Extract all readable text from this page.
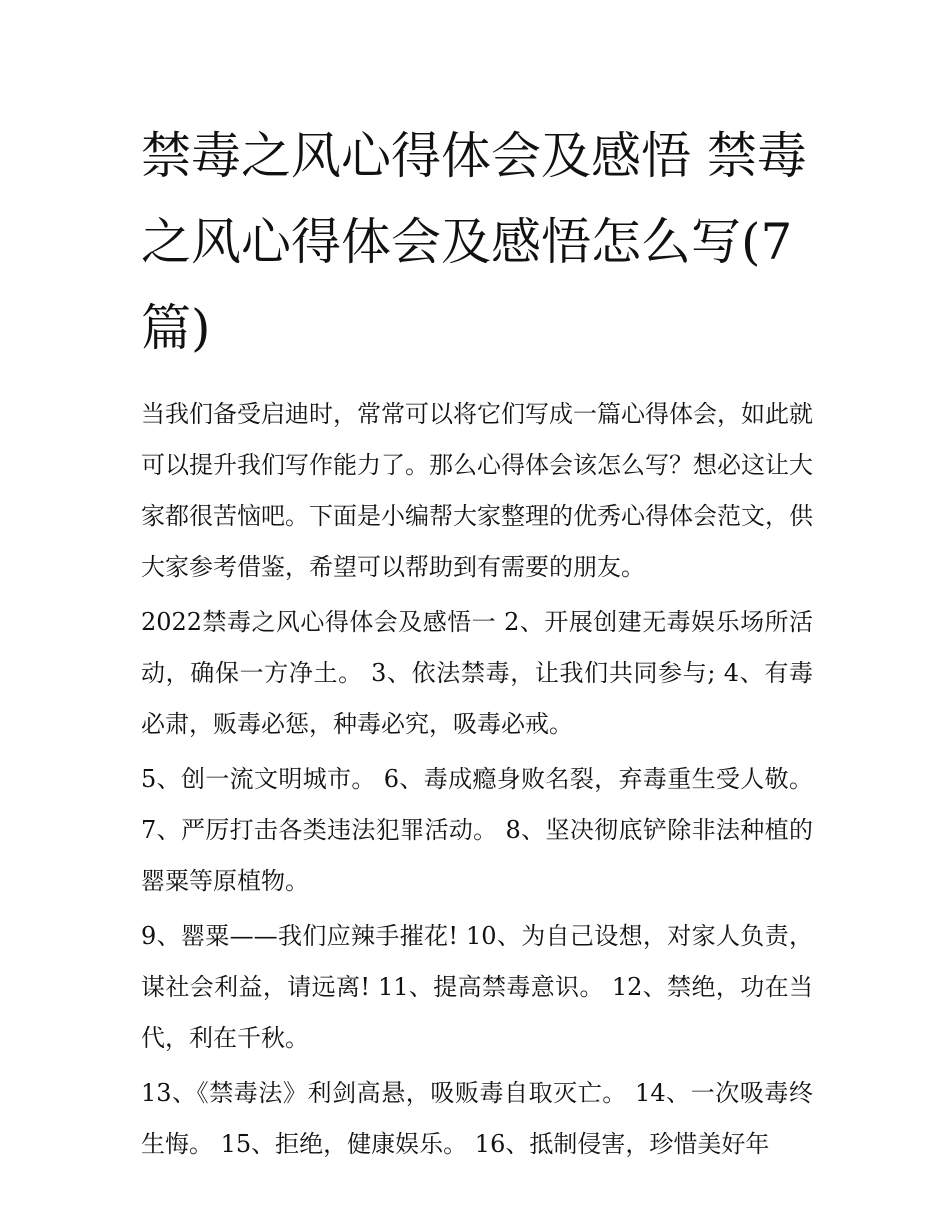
禁毒之风心得体会及感悟 禁毒之风心得体会及感悟怎么写(7篇)

当我们备受启迪时，常常可以将它们写成一篇心得体会，如此就可以提升我们写作能力了。那么心得体会该怎么写？想必这让大家都很苦恼吧。下面是小编帮大家整理的优秀心得体会范文，供大家参考借鉴，希望可以帮助到有需要的朋友。

2022禁毒之风心得体会及感悟一 2、开展创建无毒娱乐场所活动，确保一方净土。 3、依法禁毒，让我们共同参与; 4、有毒必肃，贩毒必惩，种毒必究，吸毒必戒。

5、创一流文明城市。 6、毒成瘾身败名裂，弃毒重生受人敬。 7、严厉打击各类违法犯罪活动。 8、坚决彻底铲除非法种植的罂粟等原植物。

9、罂粟——我们应辣手摧花! 10、为自己设想，对家人负责，谋社会利益，请远离! 11、提高禁毒意识。 12、禁绝，功在当代，利在千秋。

13、《禁毒法》利剑高悬，吸贩毒自取灭亡。 14、一次吸毒终生悔。 15、拒绝，健康娱乐。 16、抵制侵害，珍惜美好年
